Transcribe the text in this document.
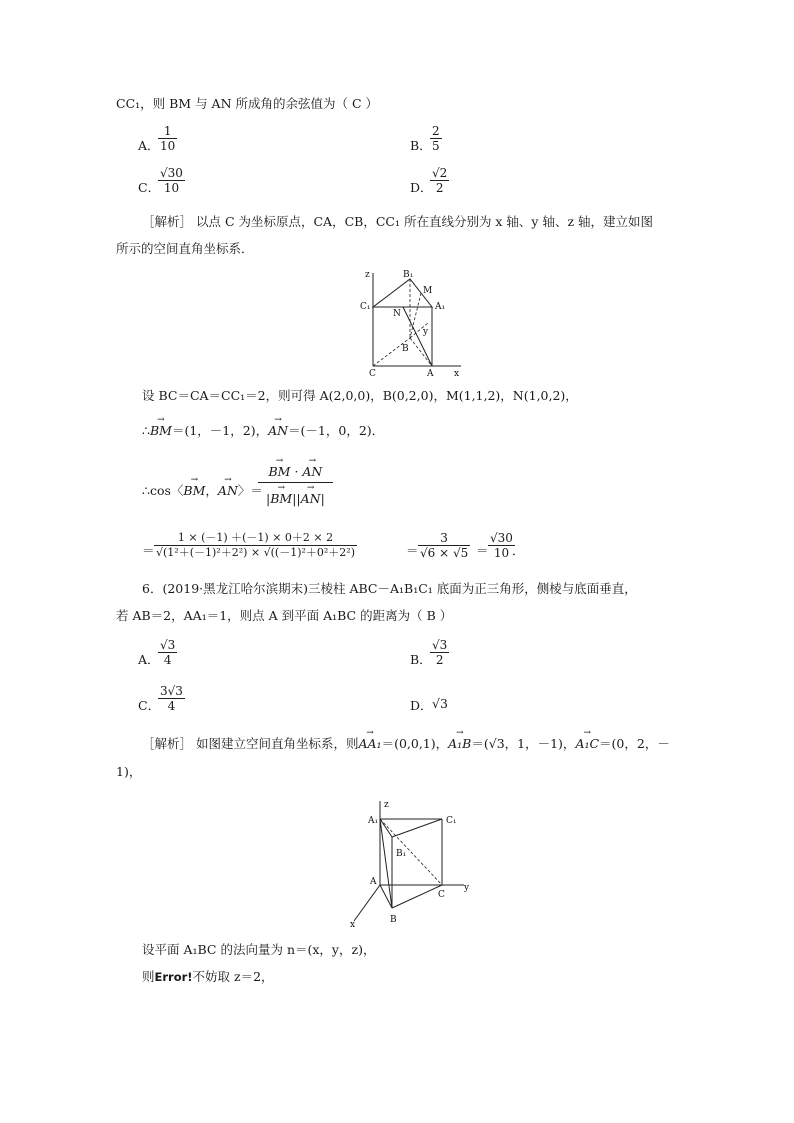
CC₁，则 BM 与 AN 所成角的余弦值为（ C ）
A．
$\frac{1}{10}$	B．
$\frac{2}{5}$
C．
$\frac{√30}{10}$	D．
$\frac{√2}{2}$
［解析］ 以点 C 为坐标原点，CA，CB，CC₁ 所在直线分别为 x 轴、y 轴、z 轴，建立如图
所示的空间直角坐标系．
z	B₁
M
C₁	A₁
N
y
B
C	A x
设 BC＝CA＝CC₁＝2，则可得 A(2,0,0)，B(0,2,0)，M(1,1,2)，N(1,0,2)，
∴→ BM＝(1，－1，2)，→ AN＝(－1，0，2)．
∴cos〈→ BM，→ AN〉＝
→ $\frac{BM \cdot \to AN}{|\to BM||\to AN|}$
＝ $\frac{1 \times (-1) +(-1) \times 0+2 \times 2}{\text{√(1²＋(－1)²＋2²) × √((－1)²＋0²＋2²)}}$	＝ $\frac{3}{√6 \times √5} = \frac{√30}{10}$
．
6．(2019·黑龙江哈尔滨期末)三棱柱 ABC－A₁B₁C₁ 底面为正三角形，侧棱与底面垂直，
若 AB＝2，AA₁＝1，则点 A 到平面 A₁BC 的距离为（ B ）
A．
$\frac{√3}{4}$	B．
$\frac{√3}{2}$
C．
$\frac{3√3}{4}$	D． √3
［解析］ 如图建立空间直角坐标系，则→ AA₁＝(0,0,1)，→ A₁B＝(√3，1，－1)，→ A₁C＝(0，2，－
1)，
z
A₁	C₁
B₁
A
y
C
x	B
设平面 A₁BC 的法向量为 n＝(x，y，z)，
则Error!不妨取 z＝2，
